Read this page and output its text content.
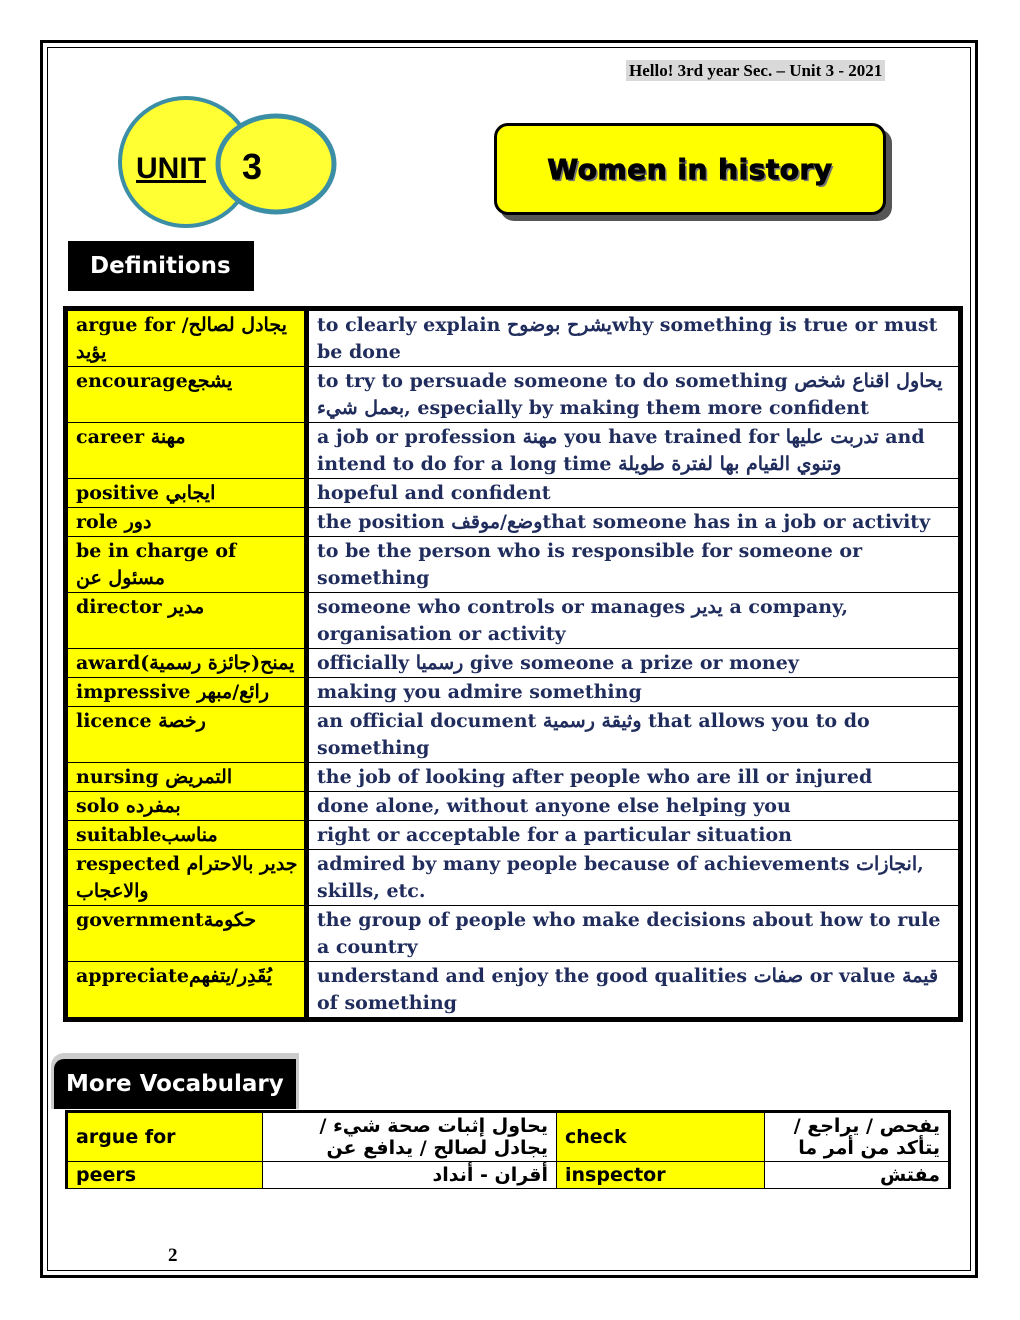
Hello! 3rd year Sec. – Unit 3 - 2021
UNIT 3	Women in history
Definitions
argue for يجادل لصالح/يؤيد	to clearly explain يشرح بوضوحwhy something is true or must be done
encourageيشجع	to try to persuade someone to do something يحاول اقناع شخص بعمل شيء, especially by making them more confident
career مهنة	a job or profession مهنة you have trained for تدربت عليها and intend to do for a long time وتنوي القيام بها لفترة طويلة
positive ايجابي	hopeful and confident
role دور	the position وضع/موقفthat someone has in a job or activity
be in charge of مسئول عن	to be the person who is responsible for someone or something
director مدير	someone who controls or manages يدير a company, organisation or activity
award(جائزة رسمية)يمنح	officially رسميا give someone a prize or money
impressive رائع/مبهر	making you admire something
licence رخصة	an official document وثيقة رسمية that allows you to do something
nursing التمريض	the job of looking after people who are ill or injured
solo بمفرده	done alone, without anyone else helping you
suitableمناسب	right or acceptable for a particular situation
respected جدير بالاحترام والاعجاب	admired by many people because of achievements انجازات, skills, etc.
governmentحكومة	the group of people who make decisions about how to rule a country
appreciateيُقَدِر/يتفهم	understand and enjoy the good qualities صفات or value قيمة of something
More Vocabulary
argue for	يحاول إثبات صحة شيء /يجادل لصالح / يدافع عن	check	يفحص / يراجع / يتأكد من أمر ما
peers	أقران - أنداد	inspector	مفتش
2
